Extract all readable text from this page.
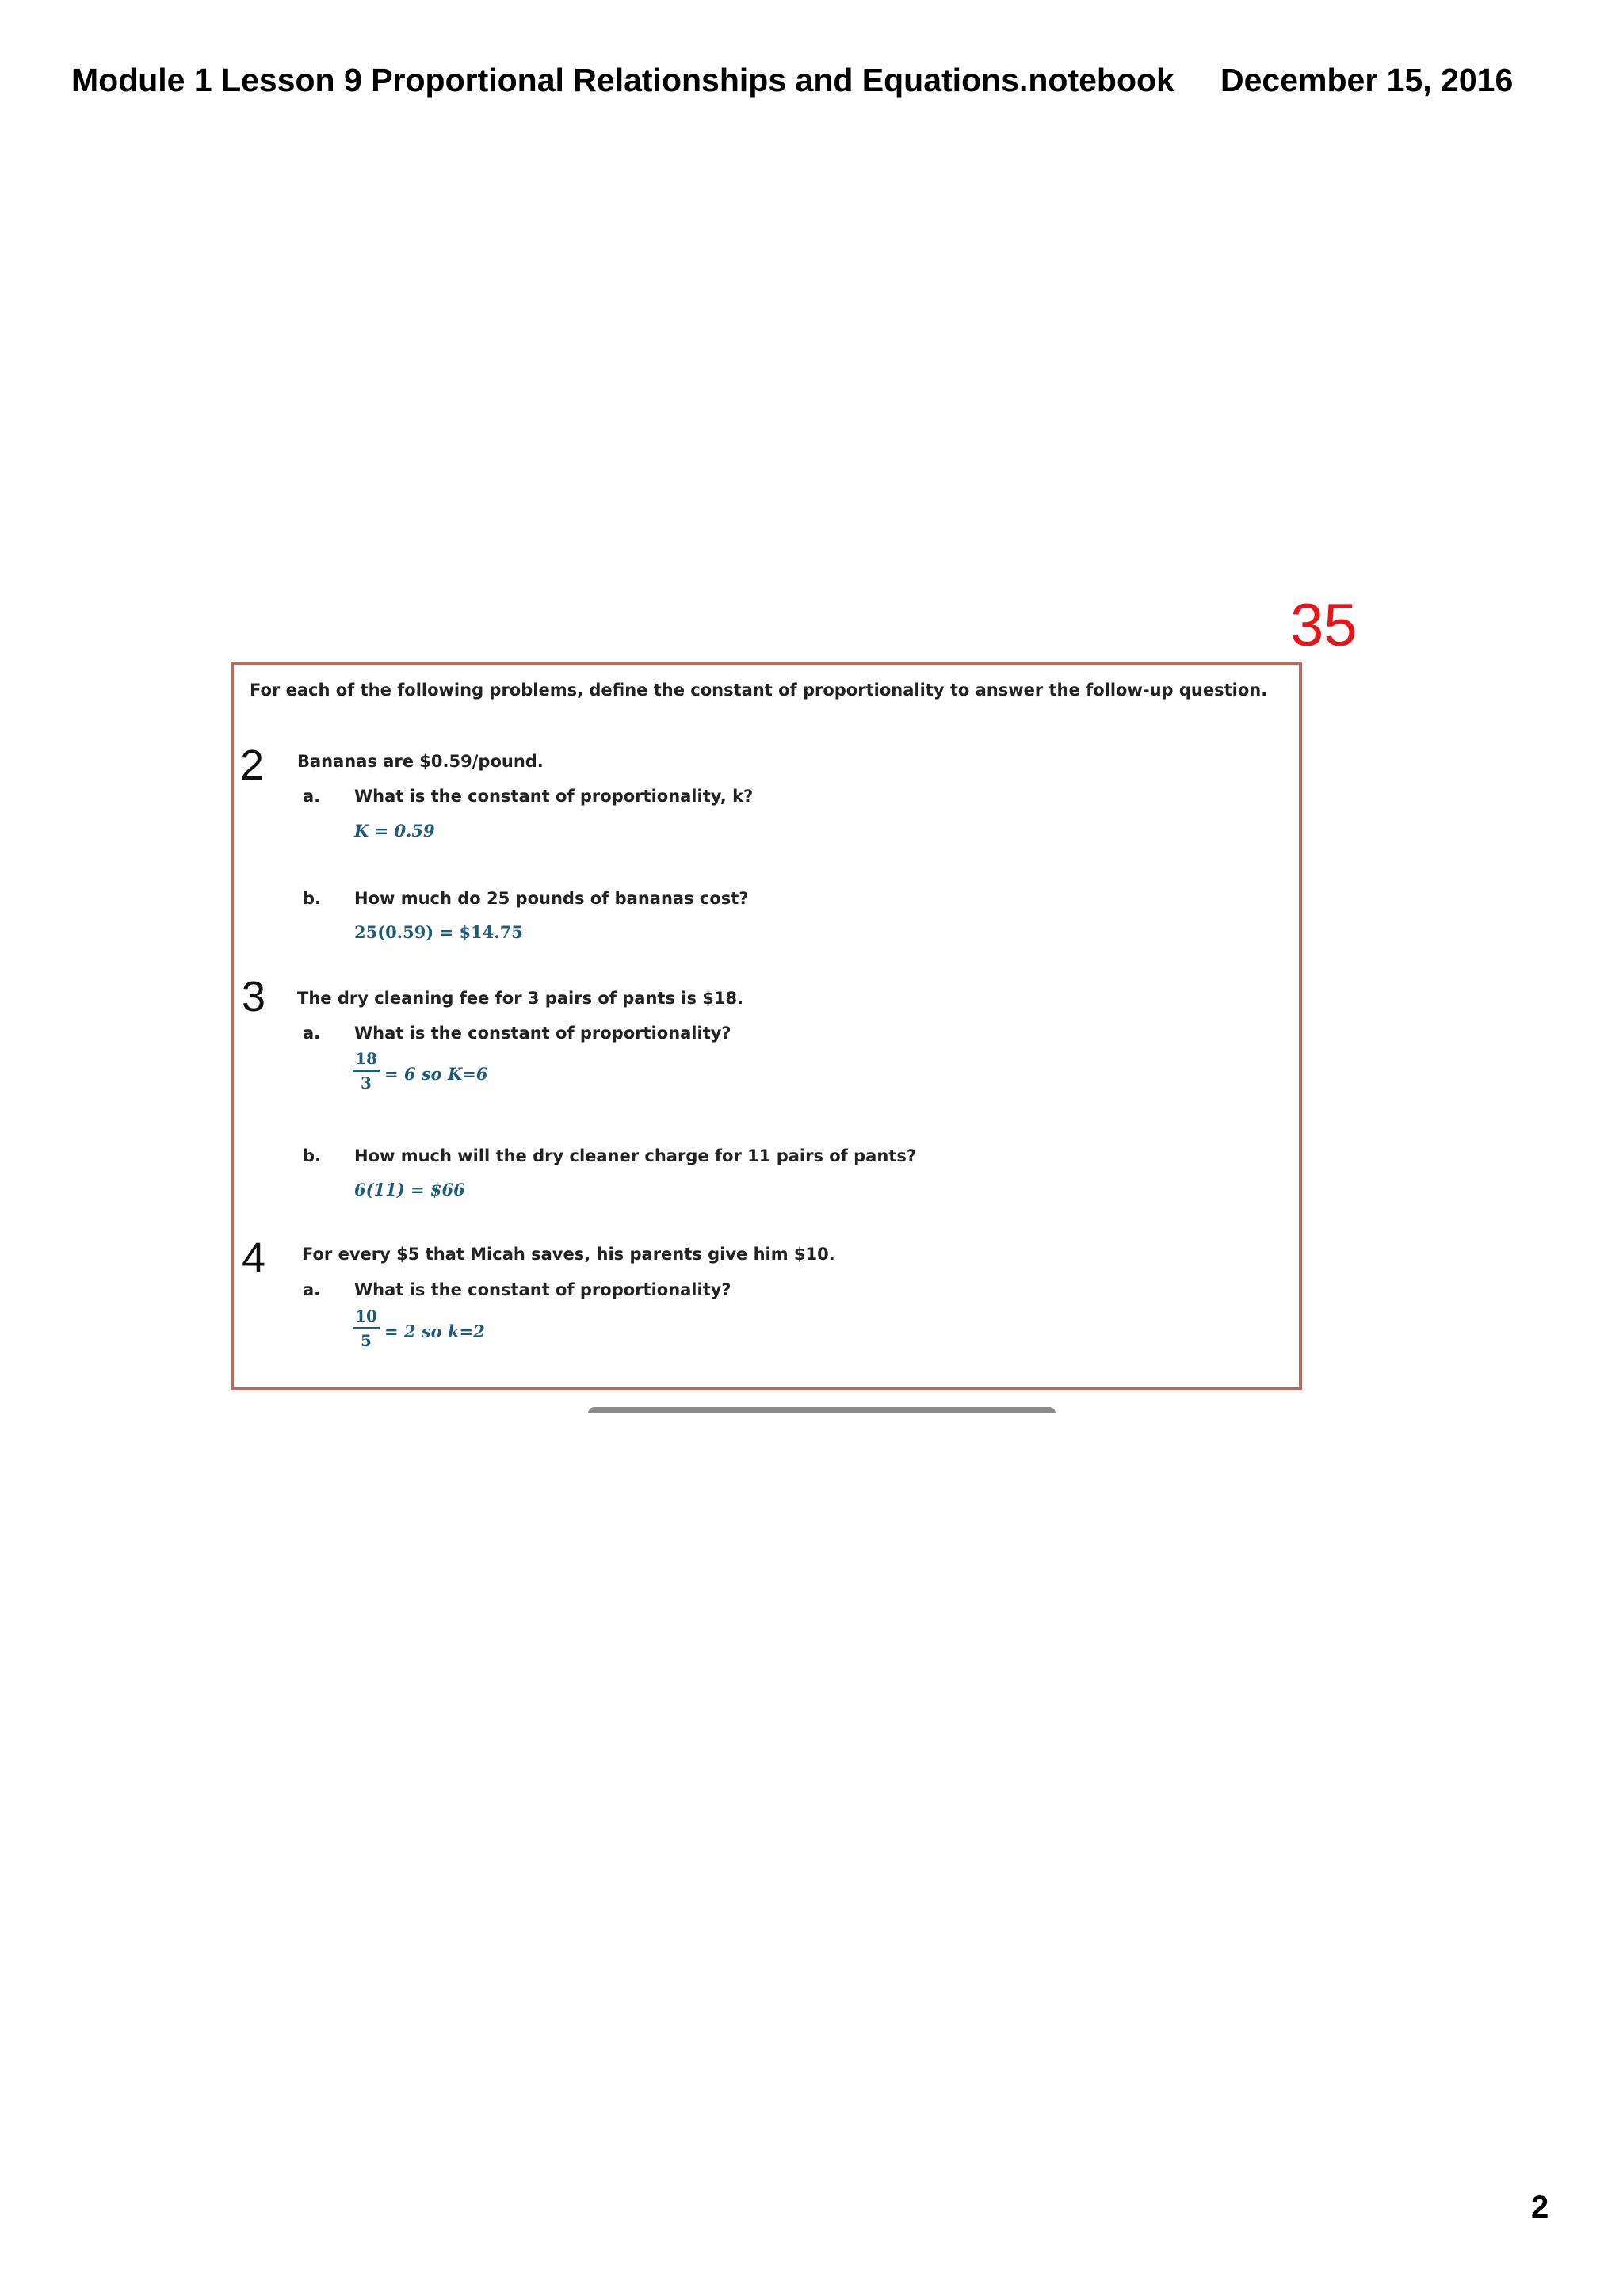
Module 1 Lesson 9 Proportional Relationships and Equations.notebook December 15, 2016
35
For each of the following problems, define the constant of proportionality to answer the follow-up question.
2 Bananas are $0.59/pound.
a. What is the constant of proportionality, k?
K = 0.59
b. How much do 25 pounds of bananas cost?
25(0.59) = $14.75
3 The dry cleaning fee for 3 pairs of pants is $18.
a. What is the constant of proportionality?
18
3 = 6 so K=6
b. How much will the dry cleaner charge for 11 pairs of pants?
6(11) = $66
4 For every $5 that Micah saves, his parents give him $10.
a. What is the constant of proportionality?
10
5 = 2 so k=2
2
